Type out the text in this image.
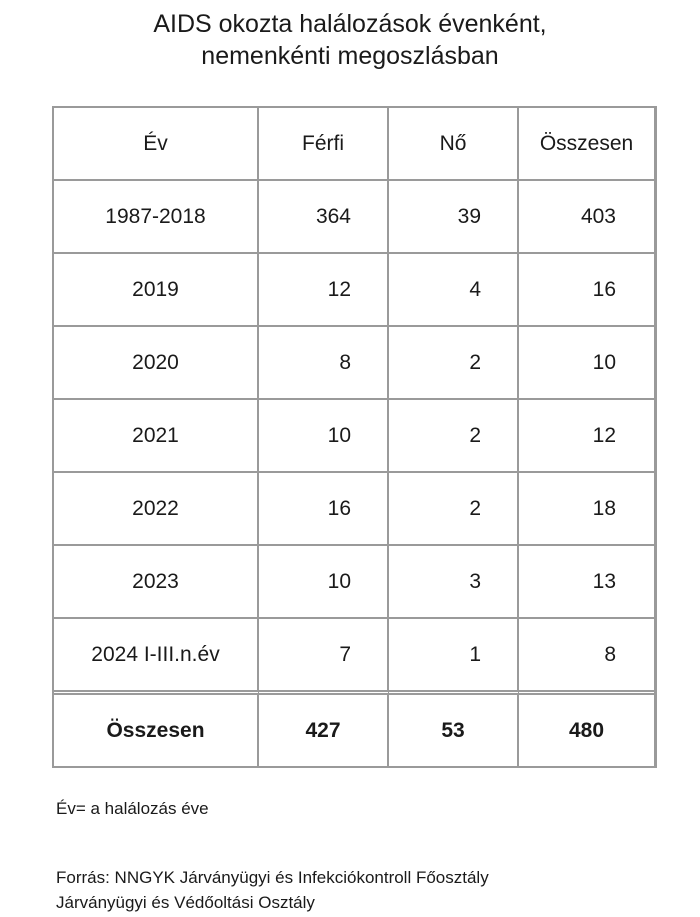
AIDS okozta halálozások évenként,
nemenkénti megoszlásban
Év	Férfi	Nő	Összesen
1987-2018	364	39	403
2019	12	4	16
2020	8	2	10
2021	10	2	12
2022	16	2	18
2023	10	3	13
2024 I-III.n.év	7	1	8
Összesen	427	53	480
Év= a halálozás éve
Forrás: NNGYK Járványügyi és Infekciókontroll Főosztály
Járványügyi és Védőoltási Osztály
